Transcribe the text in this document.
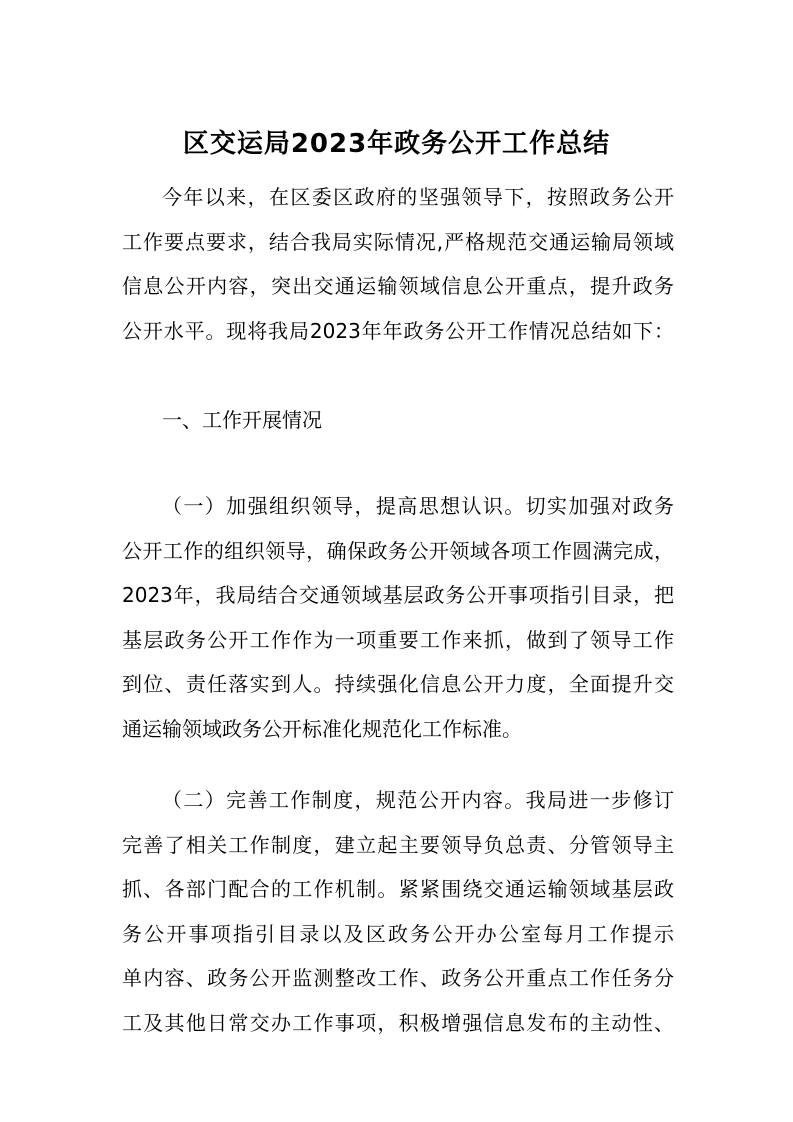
区交运局2023年政务公开工作总结
今年以来，在区委区政府的坚强领导下，按照政务公开
工作要点要求，结合我局实际情况,严格规范交通运输局领域
信息公开内容，突出交通运输领域信息公开重点，提升政务
公开水平。现将我局2023年年政务公开工作情况总结如下：
一、工作开展情况
（一）加强组织领导，提高思想认识。切实加强对政务
公开工作的组织领导，确保政务公开领域各项工作圆满完成，
2023年，我局结合交通领域基层政务公开事项指引目录，把
基层政务公开工作作为一项重要工作来抓，做到了领导工作
到位、责任落实到人。持续强化信息公开力度，全面提升交
通运输领域政务公开标准化规范化工作标准。
（二）完善工作制度，规范公开内容。我局进一步修订
完善了相关工作制度，建立起主要领导负总责、分管领导主
抓、各部门配合的工作机制。紧紧围绕交通运输领域基层政
务公开事项指引目录以及区政务公开办公室每月工作提示
单内容、政务公开监测整改工作、政务公开重点工作任务分
工及其他日常交办工作事项，积极增强信息发布的主动性、
